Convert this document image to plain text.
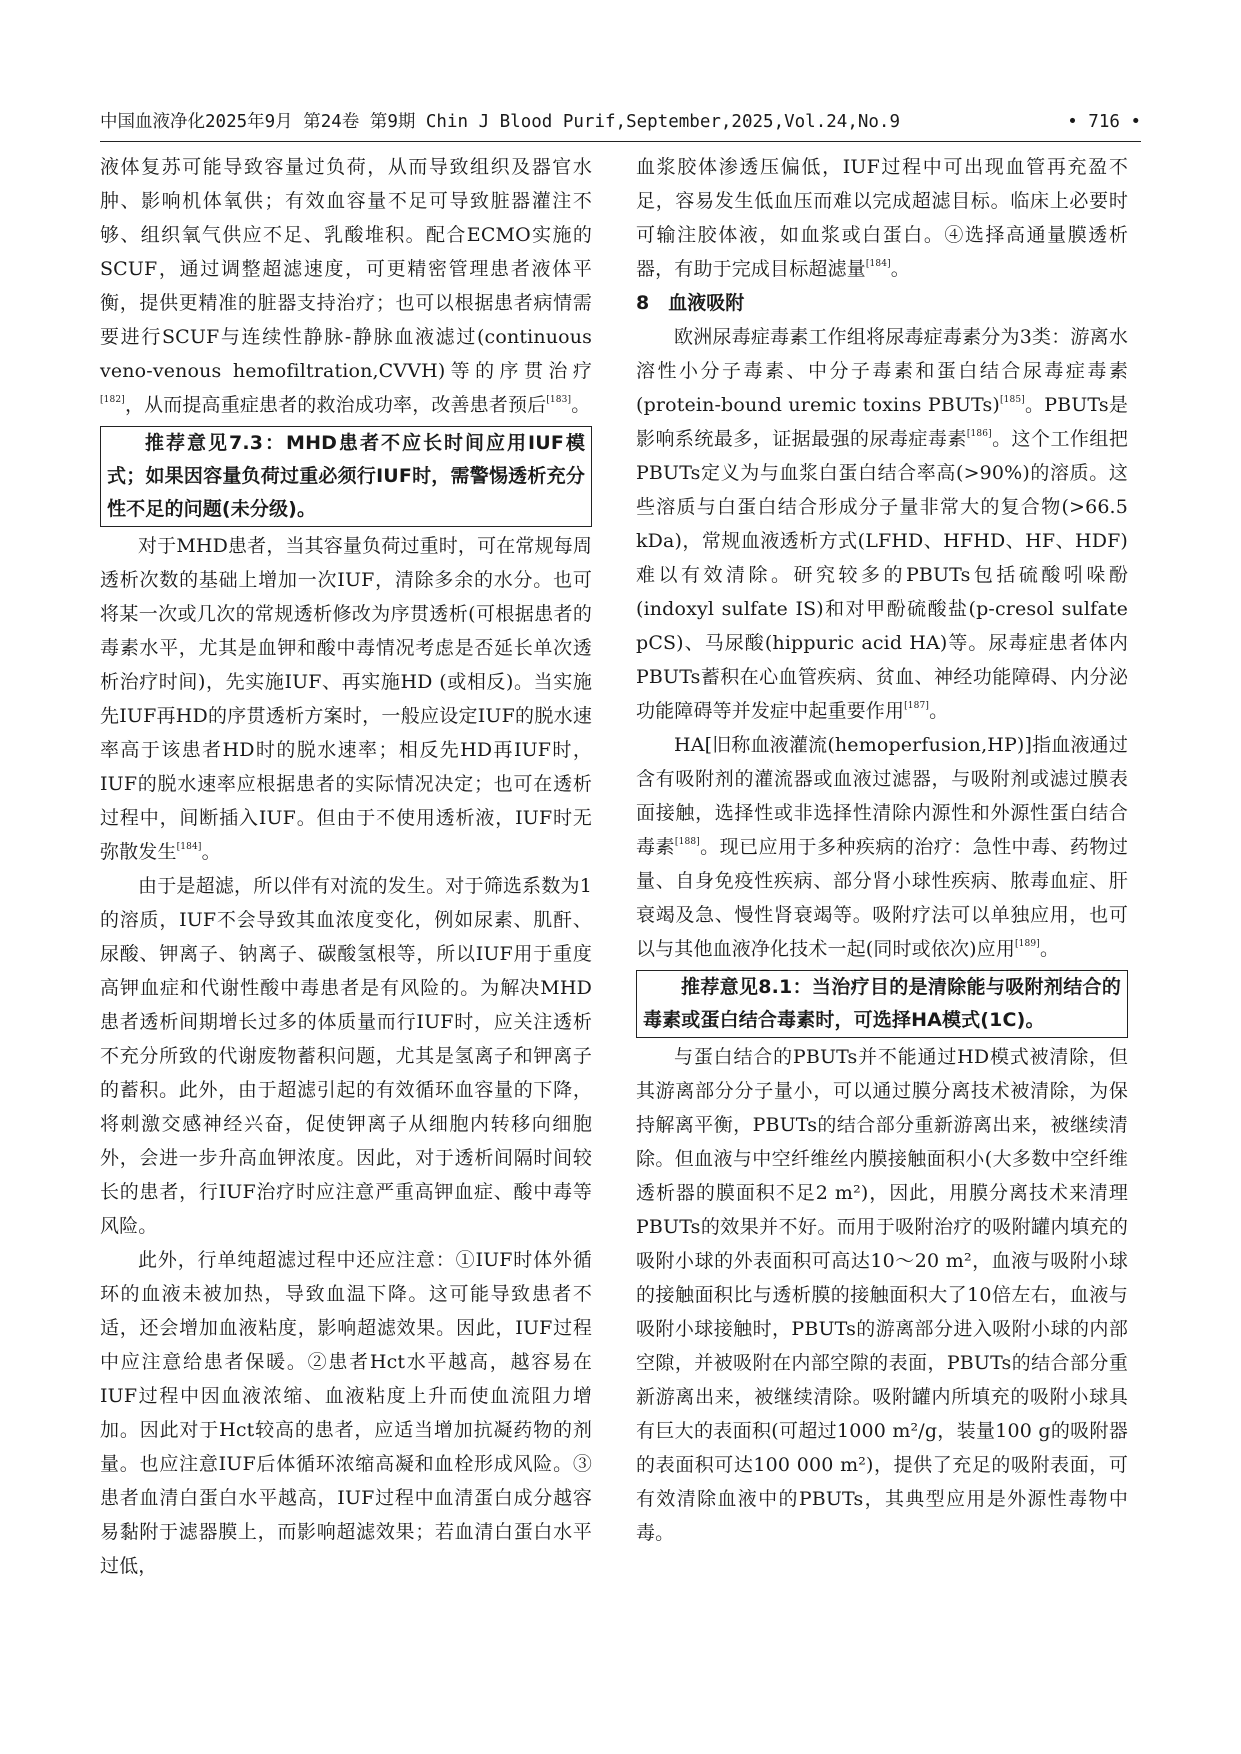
中国血液净化2025年9月 第24卷 第9期 Chin J Blood Purif,September,2025,Vol.24,No.9	• 716 •

液体复苏可能导致容量过负荷，从而导致组织及器官水肿、影响机体氧供；有效血容量不足可导致脏器灌注不够、组织氧气供应不足、乳酸堆积。配合ECMO实施的SCUF，通过调整超滤速度，可更精密管理患者液体平衡，提供更精准的脏器支持治疗；也可以根据患者病情需要进行SCUF与连续性静脉-静脉血液滤过(continuous veno-venous hemofiltration,CVVH)等的序贯治疗[182]，从而提高重症患者的救治成功率，改善患者预后[183]。

推荐意见7.3：MHD患者不应长时间应用IUF模式；如果因容量负荷过重必须行IUF时，需警惕透析充分性不足的问题(未分级)。

对于MHD患者，当其容量负荷过重时，可在常规每周透析次数的基础上增加一次IUF，清除多余的水分。也可将某一次或几次的常规透析修改为序贯透析(可根据患者的毒素水平，尤其是血钾和酸中毒情况考虑是否延长单次透析治疗时间)，先实施IUF、再实施HD (或相反)。当实施先IUF再HD的序贯透析方案时，一般应设定IUF的脱水速率高于该患者HD时的脱水速率；相反先HD再IUF时，IUF的脱水速率应根据患者的实际情况决定；也可在透析过程中，间断插入IUF。但由于不使用透析液，IUF时无弥散发生[184]。

由于是超滤，所以伴有对流的发生。对于筛选系数为1的溶质，IUF不会导致其血浓度变化，例如尿素、肌酐、尿酸、钾离子、钠离子、碳酸氢根等，所以IUF用于重度高钾血症和代谢性酸中毒患者是有风险的。为解决MHD患者透析间期增长过多的体质量而行IUF时，应关注透析不充分所致的代谢废物蓄积问题，尤其是氢离子和钾离子的蓄积。此外，由于超滤引起的有效循环血容量的下降，将刺激交感神经兴奋，促使钾离子从细胞内转移向细胞外，会进一步升高血钾浓度。因此，对于透析间隔时间较长的患者，行IUF治疗时应注意严重高钾血症、酸中毒等风险。

此外，行单纯超滤过程中还应注意：①IUF时体外循环的血液未被加热，导致血温下降。这可能导致患者不适，还会增加血液粘度，影响超滤效果。因此，IUF过程中应注意给患者保暖。②患者Hct水平越高，越容易在IUF过程中因血液浓缩、血液粘度上升而使血流阻力增加。因此对于Hct较高的患者，应适当增加抗凝药物的剂量。也应注意IUF后体循环浓缩高凝和血栓形成风险。③患者血清白蛋白水平越高，IUF过程中血清蛋白成分越容易黏附于滤器膜上，而影响超滤效果；若血清白蛋白水平过低，

血浆胶体渗透压偏低，IUF过程中可出现血管再充盈不足，容易发生低血压而难以完成超滤目标。临床上必要时可输注胶体液，如血浆或白蛋白。④选择高通量膜透析器，有助于完成目标超滤量[184]。

8　血液吸附

欧洲尿毒症毒素工作组将尿毒症毒素分为3类：游离水溶性小分子毒素、中分子毒素和蛋白结合尿毒症毒素(protein-bound uremic toxins PBUTs)[185]。PBUTs是影响系统最多，证据最强的尿毒症毒素[186]。这个工作组把PBUTs定义为与血浆白蛋白结合率高(>90%)的溶质。这些溶质与白蛋白结合形成分子量非常大的复合物(>66.5 kDa)，常规血液透析方式(LFHD、HFHD、HF、HDF)难以有效清除。研究较多的PBUTs包括硫酸吲哚酚(indoxyl sulfate IS)和对甲酚硫酸盐(p-cresol sulfate pCS)、马尿酸(hippuric acid HA)等。尿毒症患者体内PBUTs蓄积在心血管疾病、贫血、神经功能障碍、内分泌功能障碍等并发症中起重要作用[187]。

HA[旧称血液灌流(hemoperfusion,HP)]指血液通过含有吸附剂的灌流器或血液过滤器，与吸附剂或滤过膜表面接触，选择性或非选择性清除内源性和外源性蛋白结合毒素[188]。现已应用于多种疾病的治疗：急性中毒、药物过量、自身免疫性疾病、部分肾小球性疾病、脓毒血症、肝衰竭及急、慢性肾衰竭等。吸附疗法可以单独应用，也可以与其他血液净化技术一起(同时或依次)应用[189]。

推荐意见8.1：当治疗目的是清除能与吸附剂结合的毒素或蛋白结合毒素时，可选择HA模式(1C)。

与蛋白结合的PBUTs并不能通过HD模式被清除，但其游离部分分子量小，可以通过膜分离技术被清除，为保持解离平衡，PBUTs的结合部分重新游离出来，被继续清除。但血液与中空纤维丝内膜接触面积小(大多数中空纤维透析器的膜面积不足2 m²)，因此，用膜分离技术来清理PBUTs的效果并不好。而用于吸附治疗的吸附罐内填充的吸附小球的外表面积可高达10～20 m²，血液与吸附小球的接触面积比与透析膜的接触面积大了10倍左右，血液与吸附小球接触时，PBUTs的游离部分进入吸附小球的内部空隙，并被吸附在内部空隙的表面，PBUTs的结合部分重新游离出来，被继续清除。吸附罐内所填充的吸附小球具有巨大的表面积(可超过1000 m²/g，装量100 g的吸附器的表面积可达100 000 m²)，提供了充足的吸附表面，可有效清除血液中的PBUTs，其典型应用是外源性毒物中毒。
